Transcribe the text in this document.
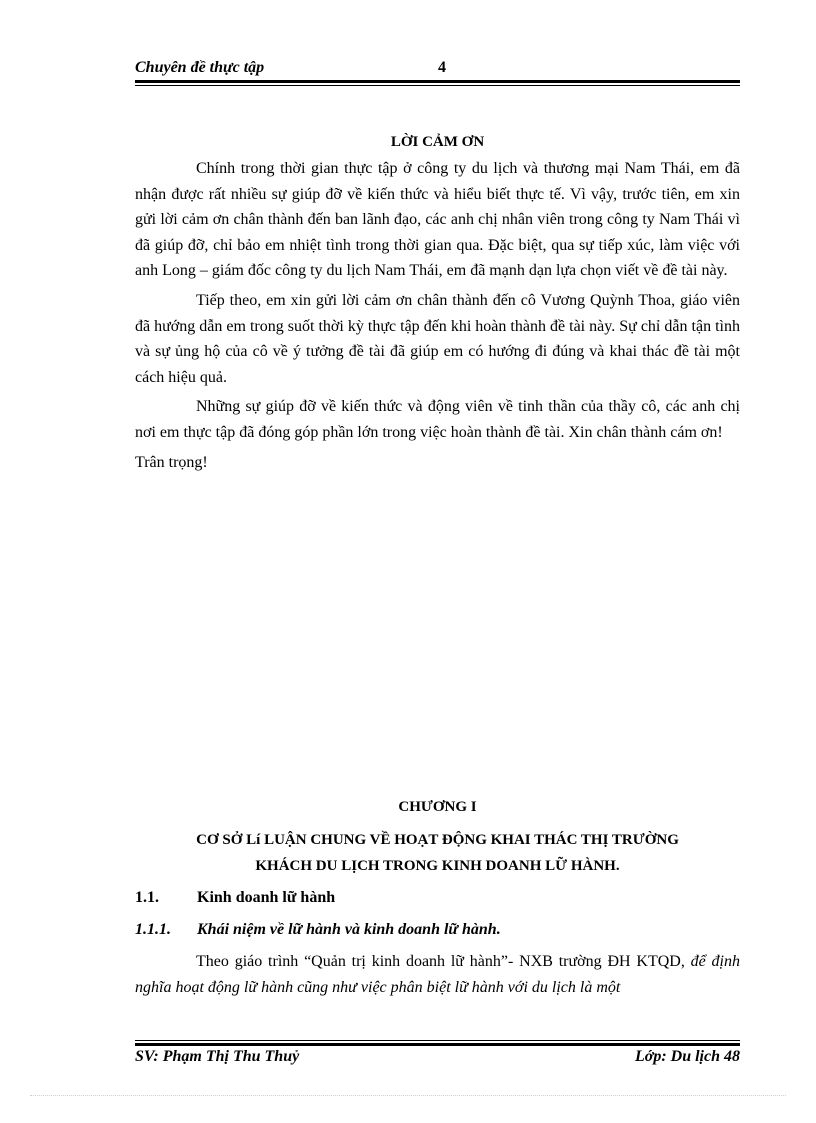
Chuyên đề thực tập	4
LỜI CẢM ƠN

Chính trong thời gian thực tập ở công ty du lịch và thương mại Nam Thái, em đã nhận được rất nhiều sự giúp đỡ về kiến thức và hiểu biết thực tế. Vì vậy, trước tiên, em xin gửi lời cảm ơn chân thành đến ban lãnh đạo, các anh chị nhân viên trong công ty Nam Thái vì đã giúp đỡ, chỉ bảo em nhiệt tình trong thời gian qua. Đặc biệt, qua sự tiếp xúc, làm việc với anh Long – giám đốc công ty du lịch Nam Thái, em đã mạnh dạn lựa chọn viết về đề tài này.

Tiếp theo, em xin gửi lời cảm ơn chân thành đến cô Vương Quỳnh Thoa, giáo viên đã hướng dẫn em trong suốt thời kỳ thực tập đến khi hoàn thành đề tài này. Sự chỉ dẫn tận tình và sự ủng hộ của cô về ý tưởng đề tài đã giúp em có hướng đi đúng và khai thác đề tài một cách hiệu quả.

Những sự giúp đỡ về kiến thức và động viên về tinh thần của thầy cô, các anh chị nơi em thực tập đã đóng góp phần lớn trong việc hoàn thành đề tài. Xin chân thành cám ơn!

Trân trọng!

CHƯƠNG I
CƠ SỞ Lí LUẬN CHUNG VỀ HOẠT ĐỘNG KHAI THÁC THỊ TRƯỜNG
KHÁCH DU LỊCH TRONG KINH DOANH LỮ HÀNH.
1.1.	Kinh doanh lữ hành
1.1.1.	Khái niệm về lữ hành và kinh doanh lữ hành.
Theo giáo trình “Quản trị kinh doanh lữ hành”- NXB trường ĐH KTQD, để định nghĩa hoạt động lữ hành cũng như việc phân biệt lữ hành với du lịch là một
SV: Phạm Thị Thu Thuỷ	Lớp: Du lịch 48
